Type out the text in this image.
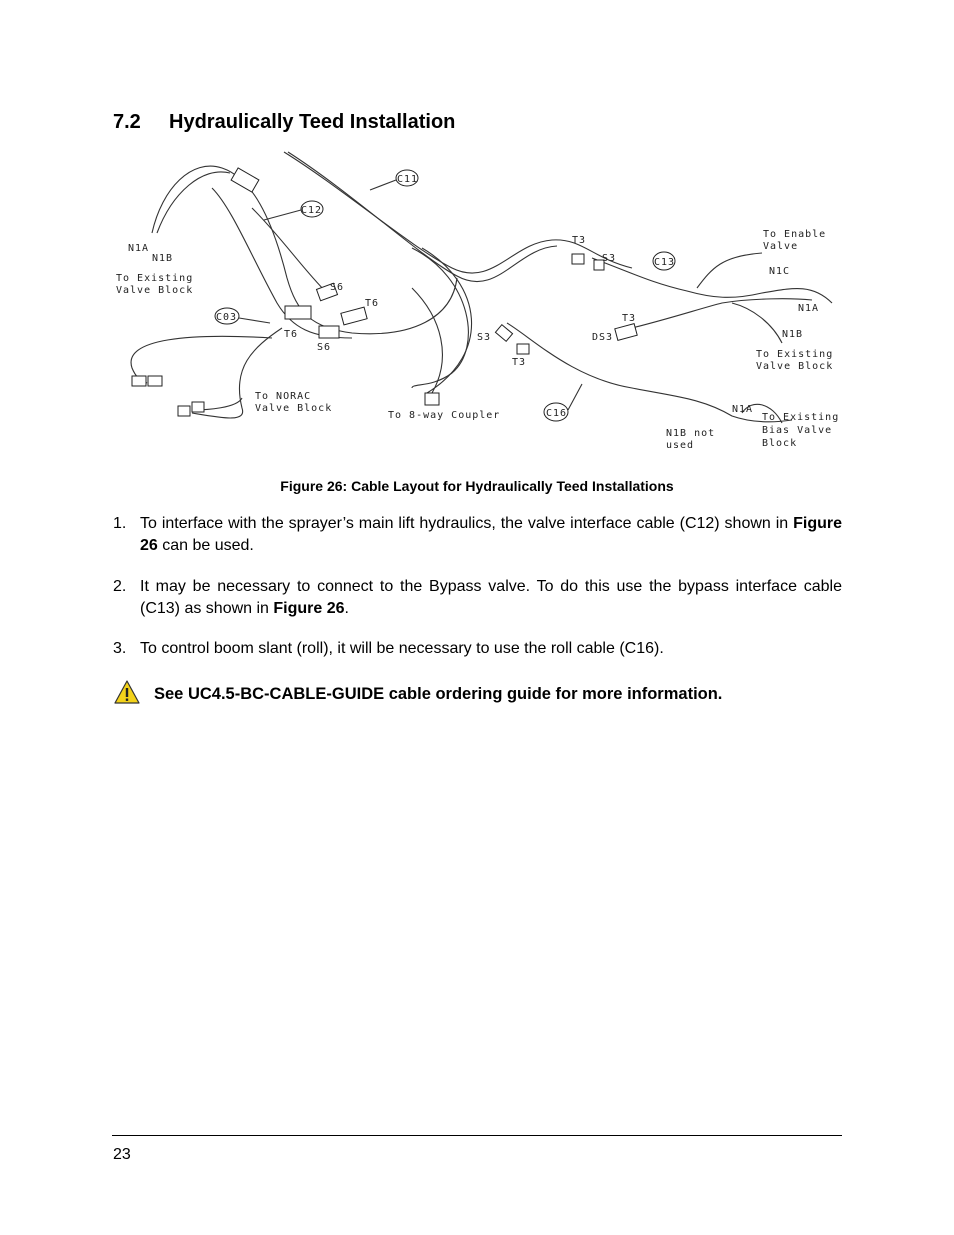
7.2 Hydraulically Teed Installation
C11
C12
C03
C13
C16
N1A
N1B
To Existing
Valve Block	S6
T6
T6
S6
To NORAC
Valve Block
To 8-way Coupler
T3
S3
T3
DS3
S3
T3
To Enable
Valve
N1C
N1A
N1B
To Existing
Valve Block
N1A
N1B not
used
To Existing
Bias Valve
Block
Figure 26: Cable Layout for Hydraulically Teed Installations
1. To interface with the sprayer’s main lift hydraulics, the valve interface cable (C12) shown in Figure 26 can be used.
2. It may be necessary to connect to the Bypass valve. To do this use the bypass interface cable (C13) as shown in Figure 26.
3. To control boom slant (roll), it will be necessary to use the roll cable (C16).
See UC4.5-BC-CABLE-GUIDE cable ordering guide for more information.
23
